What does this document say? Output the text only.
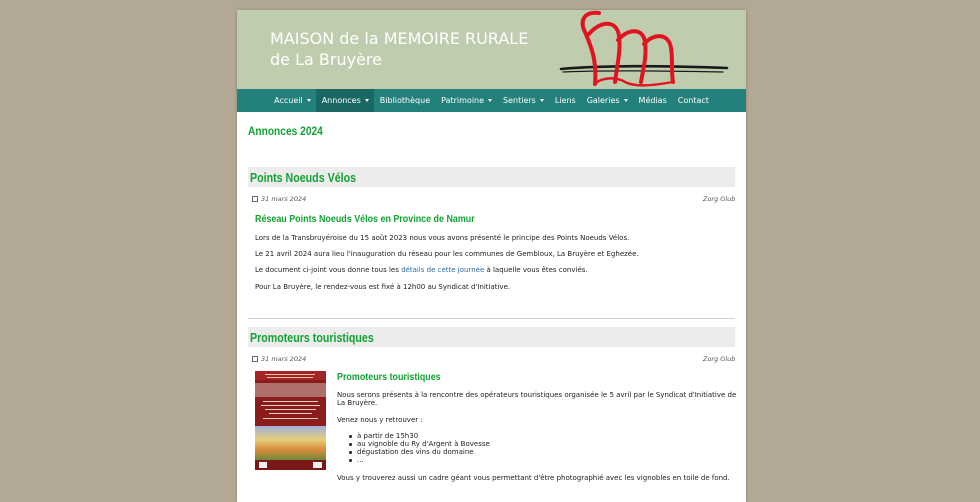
MAISON de la MEMOIRE RURALE
de La Bruyère
Accueil Annonces Bibliothèque Patrimoine Sentiers Liens Galeries Médias Contact
Annonces 2024
Points Noeuds Vélos
31 mars 2024	Zorg Glub
Réseau Points Noeuds Vélos en Province de Namur
Lors de la Transbruyéroise du 15 août 2023 nous vous avons présenté le principe des Points Noeuds Vélos.
Le 21 avril 2024 aura lieu l'inauguration du réseau pour les communes de Gembloux, La Bruyère et Eghezée.
Le document ci-joint vous donne tous les détails de cette journée à laquelle vous êtes conviés.
Pour La Bruyère, le rendez-vous est fixé à 12h00 au Syndicat d'Initiative.
Promoteurs touristiques
31 mars 2024	Zorg Glub
Promoteurs touristiques
Nous serons présents à la rencontre des opérateurs touristiques organisée le 5 avril par le Syndicat d'Initiative de
La Bruyère.
Venez nous y retrouver :
à partir de 15h30
au vignoble du Ry d'Argent à Bovesse
dégustation des vins du domaine
...
Vous y trouverez aussi un cadre géant vous permettant d'être photographié avec les vignobles en toile de fond.
